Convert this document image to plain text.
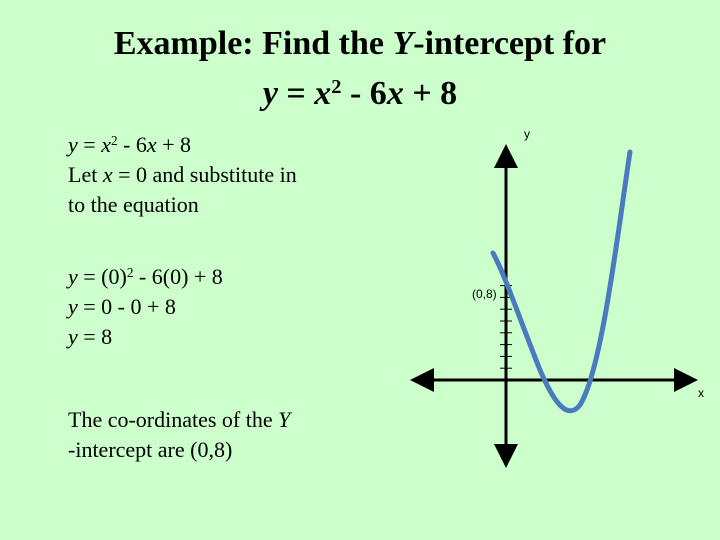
Example: Find the Y-intercept for
$y = x^2 - 6x + 8$
$y = x^2 - 6x + 8$
Let x = 0 and substitute in
to the equation
$y = (0)^2 - 6(0) + 8$
y = 0 - 0 + 8
y = 8
The co-ordinates of the Y
-intercept are (0,8)
y
x
(0,8)
